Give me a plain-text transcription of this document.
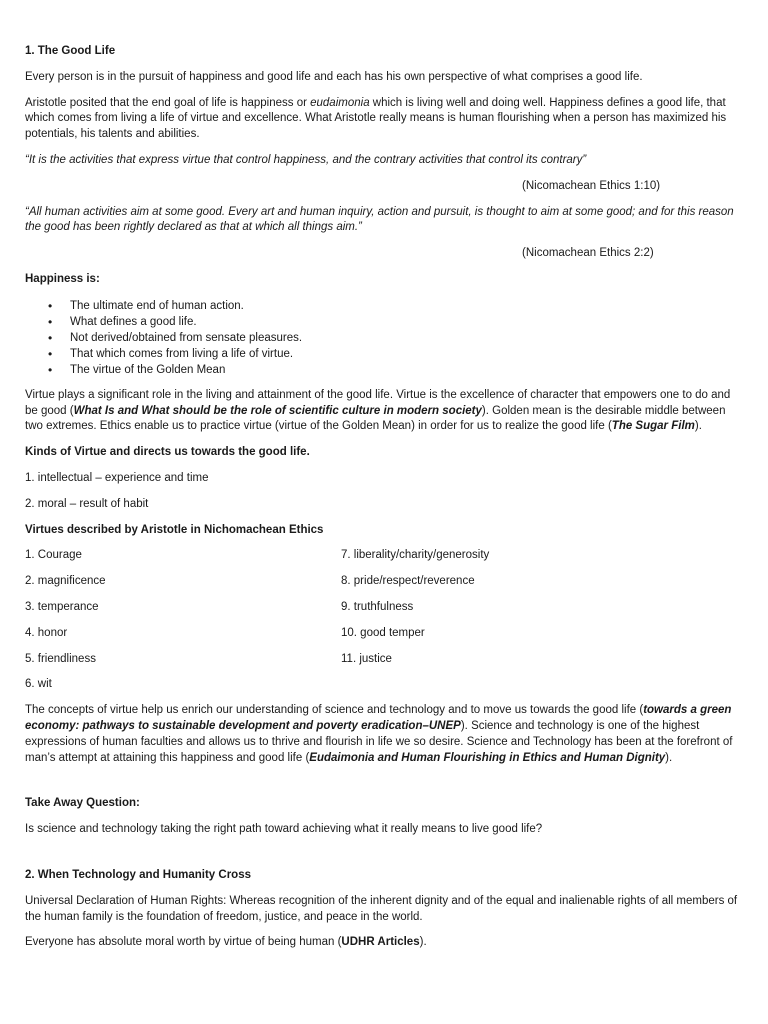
1. The Good Life

Every person is in the pursuit of happiness and good life and each has his own perspective of what comprises a good life.

Aristotle posited that the end goal of life is happiness or eudaimonia which is living well and doing well. Happiness defines a good life, that which comes from living a life of virtue and excellence. What Aristotle really means is human flourishing when a person has maximized his potentials, his talents and abilities.

“It is the activities that express virtue that control happiness, and the contrary activities that control its contrary”

(Nicomachean Ethics 1:10)

“All human activities aim at some good. Every art and human inquiry, action and pursuit, is thought to aim at some good; and for this reason the good has been rightly declared as that at which all things aim.”

(Nicomachean Ethics 2:2)

Happiness is:

• The ultimate end of human action.
• What defines a good life.
• Not derived/obtained from sensate pleasures.
• That which comes from living a life of virtue.
• The virtue of the Golden Mean

Virtue plays a significant role in the living and attainment of the good life. Virtue is the excellence of character that empowers one to do and be good (What Is and What should be the role of scientific culture in modern society). Golden mean is the desirable middle between two extremes. Ethics enable us to practice virtue (virtue of the Golden Mean) in order for us to realize the good life (The Sugar Film).

Kinds of Virtue and directs us towards the good life.

1. intellectual – experience and time

2. moral – result of habit

Virtues described by Aristotle in Nichomachean Ethics

1. Courage
2. magnificence
3. temperance
4. honor
5. friendliness
6. wit
7. liberality/charity/generosity
8. pride/respect/reverence
9. truthfulness
10. good temper
11. justice

The concepts of virtue help us enrich our understanding of science and technology and to move us towards the good life (towards a green economy: pathways to sustainable development and poverty eradication–UNEP). Science and technology is one of the highest expressions of human faculties and allows us to thrive and flourish in life we so desire. Science and Technology has been at the forefront of man’s attempt at attaining this happiness and good life (Eudaimonia and Human Flourishing in Ethics and Human Dignity).

Take Away Question:

Is science and technology taking the right path toward achieving what it really means to live good life?

2. When Technology and Humanity Cross

Universal Declaration of Human Rights: Whereas recognition of the inherent dignity and of the equal and inalienable rights of all members of the human family is the foundation of freedom, justice, and peace in the world.

Everyone has absolute moral worth by virtue of being human (UDHR Articles).
